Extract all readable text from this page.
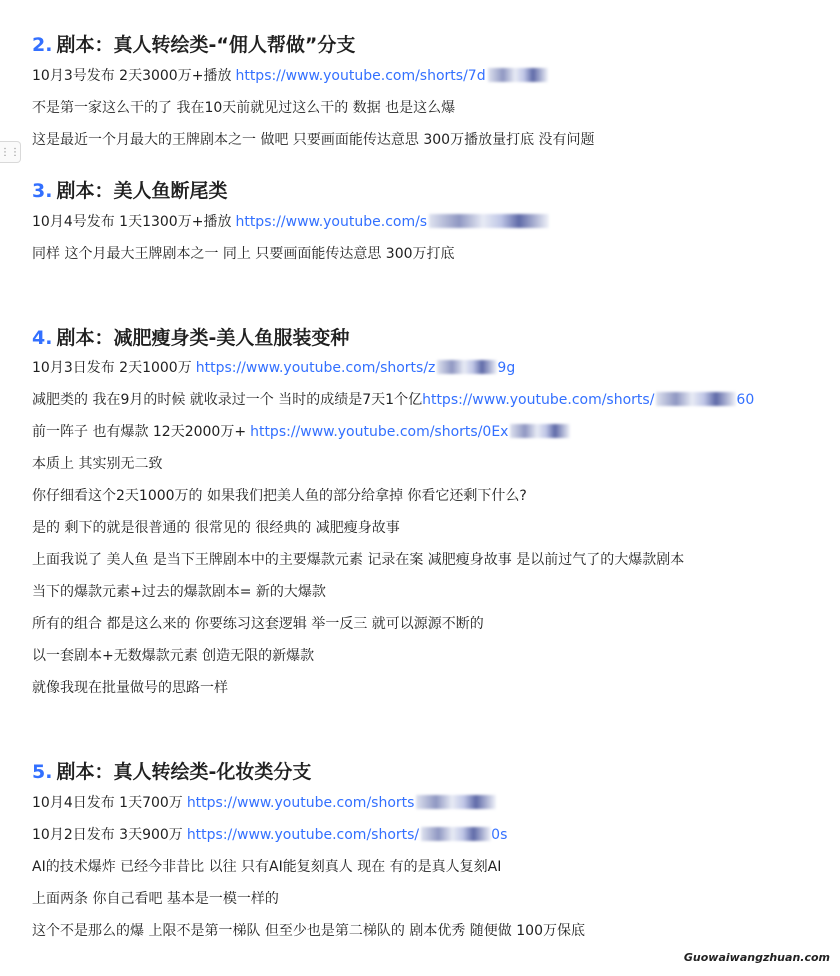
⋮⋮
2. 剧本：真人转绘类-“佣人帮做”分支
10月3号发布 2天3000万+播放 https://www.youtube.com/shorts/7d
不是第一家这么干的了 我在10天前就见过这么干的 数据 也是这么爆
这是最近一个月最大的王牌剧本之一 做吧 只要画面能传达意思 300万播放量打底 没有问题
3. 剧本：美人鱼断尾类
10月4号发布 1天1300万+播放 https://www.youtube.com/s
同样 这个月最大王牌剧本之一 同上 只要画面能传达意思 300万打底
4. 剧本：减肥瘦身类-美人鱼服装变种
10月3日发布 2天1000万 https://www.youtube.com/shorts/z	9g
减肥类的 我在9月的时候 就收录过一个 当时的成绩是7天1个亿https://www.youtube.com/shorts/	60
前一阵子 也有爆款 12天2000万+ https://www.youtube.com/shorts/0Ex
本质上 其实别无二致
你仔细看这个2天1000万的 如果我们把美人鱼的部分给拿掉 你看它还剩下什么?
是的 剩下的就是很普通的 很常见的 很经典的 减肥瘦身故事
上面我说了 美人鱼 是当下王牌剧本中的主要爆款元素 记录在案 减肥瘦身故事 是以前过气了的大爆款剧本
当下的爆款元素+过去的爆款剧本= 新的大爆款
所有的组合 都是这么来的 你要练习这套逻辑 举一反三 就可以源源不断的
以一套剧本+无数爆款元素 创造无限的新爆款
就像我现在批量做号的思路一样
5. 剧本：真人转绘类-化妆类分支
10月4日发布 1天700万 https://www.youtube.com/shorts
10月2日发布 3天900万 https://www.youtube.com/shorts/	0s
AI的技术爆炸 已经今非昔比 以往 只有AI能复刻真人 现在 有的是真人复刻AI
上面两条 你自己看吧 基本是一模一样的
这个不是那么的爆 上限不是第一梯队 但至少也是第二梯队的 剧本优秀 随便做 100万保底
Guowaiwangzhuan.com
